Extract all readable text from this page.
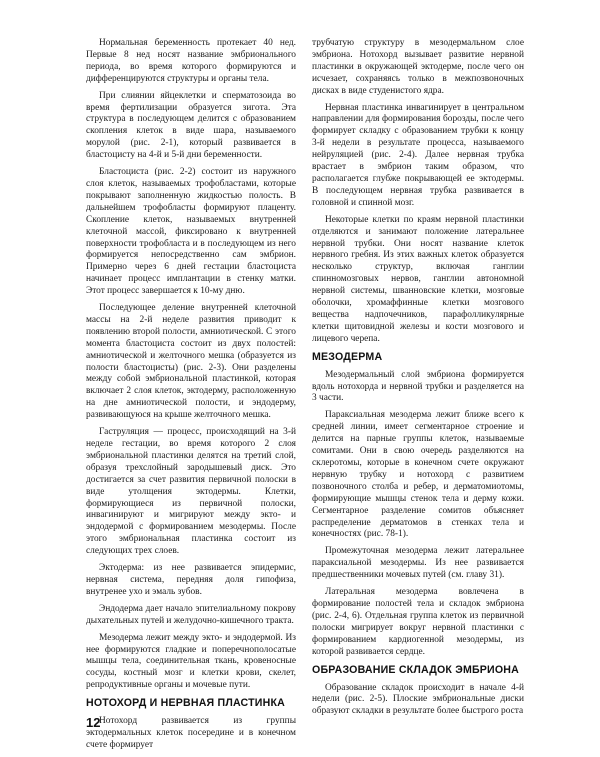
Нормальная беременность протекает 40 нед. Первые 8 нед носят название эмбрионального периода, во время которого формируются и дифференцируются структуры и органы тела.

При слиянии яйцеклетки и сперматозоида во время фертилизации образуется зигота. Эта структура в последующем делится с образованием скопления клеток в виде шара, называемого морулой (рис. 2-1), который развивается в бластоцисту на 4-й и 5-й дни беременности.

Бластоциста (рис. 2-2) состоит из наружного слоя клеток, называемых трофобластами, которые покрывают заполненную жидкостью полость. В дальнейшем трофобласты формируют плаценту. Скопление клеток, называемых внутренней клеточной массой, фиксировано к внутренней поверхности трофобласта и в последующем из него формируется непосредственно сам эмбрион. Примерно через 6 дней гестации бластоциста начинает процесс имплантации в стенку матки. Этот процесс завершается к 10-му дню.

Последующее деление внутренней клеточной массы на 2-й неделе развития приводит к появлению второй полости, амниотической. С этого момента бластоциста состоит из двух полостей: амниотической и желточного мешка (образуется из полости бластоцисты) (рис. 2-3). Они разделены между собой эмбриональной пластинкой, которая включает 2 слоя клеток, эктодерму, расположенную на дне амниотической полости, и эндодерму, развивающуюся на крыше желточного мешка.

Гаструляция — процесс, происходящий на 3-й неделе гестации, во время которого 2 слоя эмбриональной пластинки делятся на третий слой, образуя трехслойный зародышевый диск. Это достигается за счет развития первичной полоски в виде утолщения эктодермы. Клетки, формирующиеся из первичной полоски, инвагинируют и мигрируют между экто- и эндодермой с формированием мезодермы. После этого эмбриональная пластинка состоит из следующих трех слоев.

Эктодерма: из нее развивается эпидермис, нервная система, передняя доля гипофиза, внутренее ухо и эмаль зубов.

Эндодерма дает начало эпителиальному покрову дыхательных путей и желудочно-кишечного тракта.

Мезодерма лежит между экто- и эндодермой. Из нее формируются гладкие и поперечнополосатые мышцы тела, соединительная ткань, кровеносные сосуды, костный мозг и клетки крови, скелет, репродуктивные органы и мочевые пути.

НОТОХОРД И НЕРВНАЯ ПЛАСТИНКА

Нотохорд развивается из группы эктодермальных клеток посередине и в конечном счете формирует

трубчатую структуру в мезодермальном слое эмбриона. Нотохорд вызывает развитие нервной пластинки в окружающей эктодерме, после чего он исчезает, сохраняясь только в межпозвоночных дисках в виде студенистого ядра.

Нервная пластинка инвагинирует в центральном направлении для формирования борозды, после чего формирует складку с образованием трубки к концу 3-й недели в результате процесса, называемого нейруляцией (рис. 2-4). Далее нервная трубка врастает в эмбрион таким образом, что располагается глубже покрывающей ее эктодермы. В последующем нервная трубка развивается в головной и спинной мозг.

Некоторые клетки по краям нервной пластинки отделяются и занимают положение латеральнее нервной трубки. Они носят название клеток нервного гребня. Из этих важных клеток образуется несколько структур, включая ганглии спинномозговых нервов, ганглии автономной нервной системы, шванновские клетки, мозговые оболочки, хромаффинные клетки мозгового вещества надпочечников, парафолликулярные клетки щитовидной железы и кости мозгового и лицевого черепа.

МЕЗОДЕРМА

Мезодермальный слой эмбриона формируется вдоль нотохорда и нервной трубки и разделяется на 3 части.

Параксиальная мезодерма лежит ближе всего к средней линии, имеет сегментарное строение и делится на парные группы клеток, называемые сомитами. Они в свою очередь разделяются на склеротомы, которые в конечном счете окружают нервную трубку и нотохорд с развитием позвоночного столба и ребер, и дерматомиотомы, формирующие мышцы стенок тела и дерму кожи. Сегментарное разделение сомитов объясняет распределение дерматомов в стенках тела и конечностях (рис. 78-1).

Промежуточная мезодерма лежит латеральнее параксиальной мезодермы. Из нее развивается предшественники мочевых путей (см. главу 31).

Латеральная мезодерма вовлечена в формирование полостей тела и складок эмбриона (рис. 2-4, 6). Отдельная группа клеток из первичной полоски мигрирует вокруг нервной пластинки с формированием кардиогенной мезодермы, из которой развивается сердце.

ОБРАЗОВАНИЕ СКЛАДОК ЭМБРИОНА

Образование складок происходит в начале 4-й недели (рис. 2-5). Плоские эмбриональные диски образуют складки в результате более быстрого роста

12
